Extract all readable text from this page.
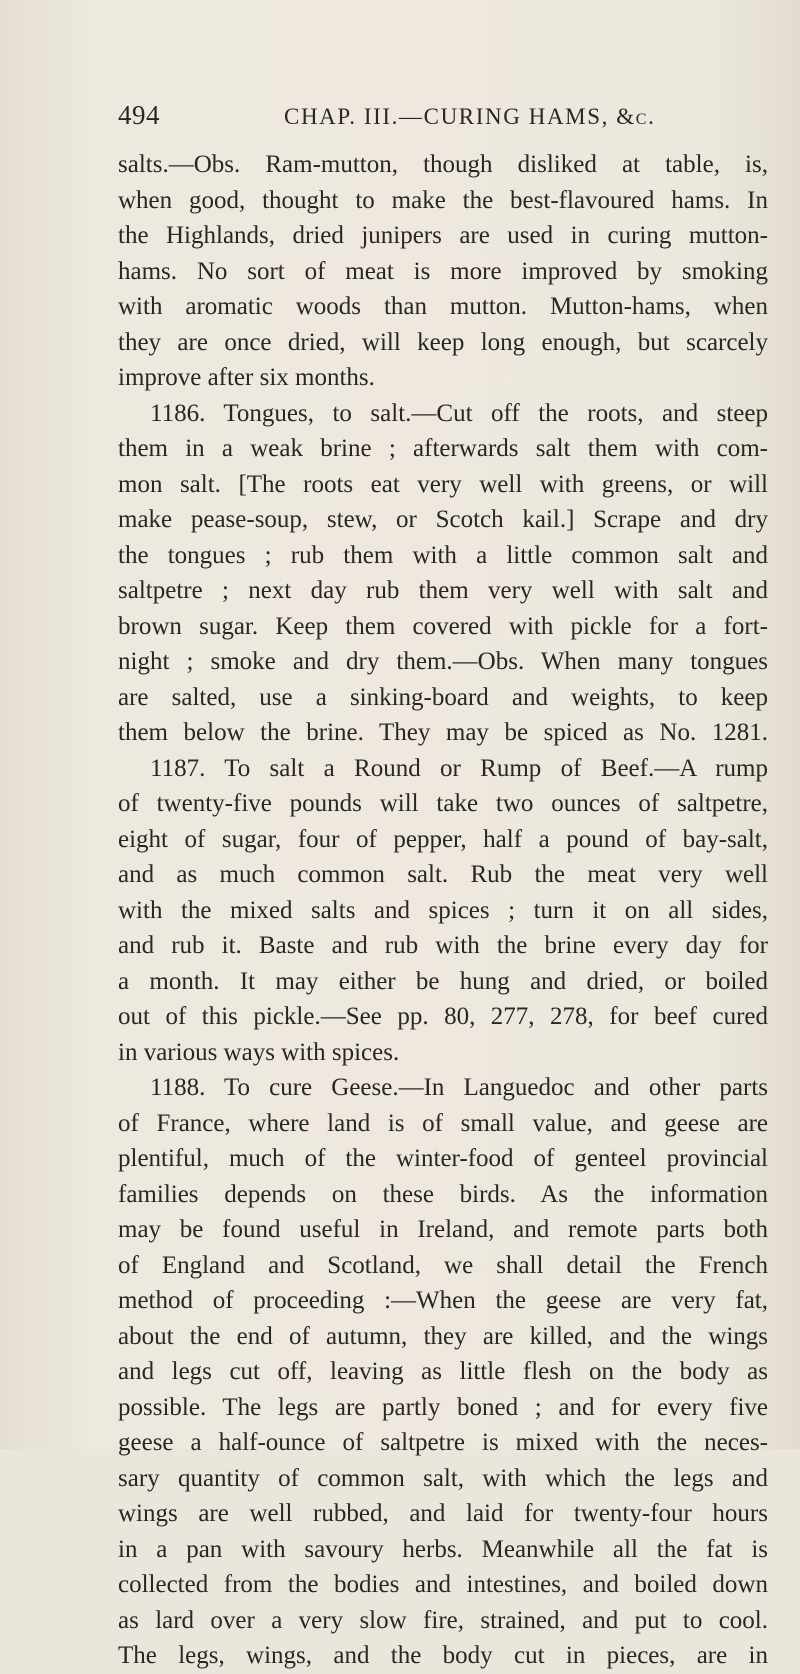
494	CHAP. III.—CURING HAMS, &c.
salts.—Obs. Ram-mutton, though disliked at table, is,
when good, thought to make the best-flavoured hams. In
the Highlands, dried junipers are used in curing mutton-
hams. No sort of meat is more improved by smoking
with aromatic woods than mutton. Mutton-hams, when
they are once dried, will keep long enough, but scarcely
improve after six months.
1186. Tongues, to salt.—Cut off the roots, and steep
them in a weak brine ; afterwards salt them with com-
mon salt. [The roots eat very well with greens, or will
make pease-soup, stew, or Scotch kail.] Scrape and dry
the tongues ; rub them with a little common salt and
saltpetre ; next day rub them very well with salt and
brown sugar. Keep them covered with pickle for a fort-
night ; smoke and dry them.—Obs. When many tongues
are salted, use a sinking-board and weights, to keep
them below the brine. They may be spiced as No. 1281.
1187. To salt a Round or Rump of Beef.—A rump
of twenty-five pounds will take two ounces of saltpetre,
eight of sugar, four of pepper, half a pound of bay-salt,
and as much common salt. Rub the meat very well
with the mixed salts and spices ; turn it on all sides,
and rub it. Baste and rub with the brine every day for
a month. It may either be hung and dried, or boiled
out of this pickle.—See pp. 80, 277, 278, for beef cured
in various ways with spices.
1188. To cure Geese.—In Languedoc and other parts
of France, where land is of small value, and geese are
plentiful, much of the winter-food of genteel provincial
families depends on these birds. As the information
may be found useful in Ireland, and remote parts both
of England and Scotland, we shall detail the French
method of proceeding :—When the geese are very fat,
about the end of autumn, they are killed, and the wings
and legs cut off, leaving as little flesh on the body as
possible. The legs are partly boned ; and for every five
geese a half-ounce of saltpetre is mixed with the neces-
sary quantity of common salt, with which the legs and
wings are well rubbed, and laid for twenty-four hours
in a pan with savoury herbs. Meanwhile all the fat is
collected from the bodies and intestines, and boiled down
as lard over a very slow fire, strained, and put to cool.
The legs, wings, and the body cut in pieces, are in
